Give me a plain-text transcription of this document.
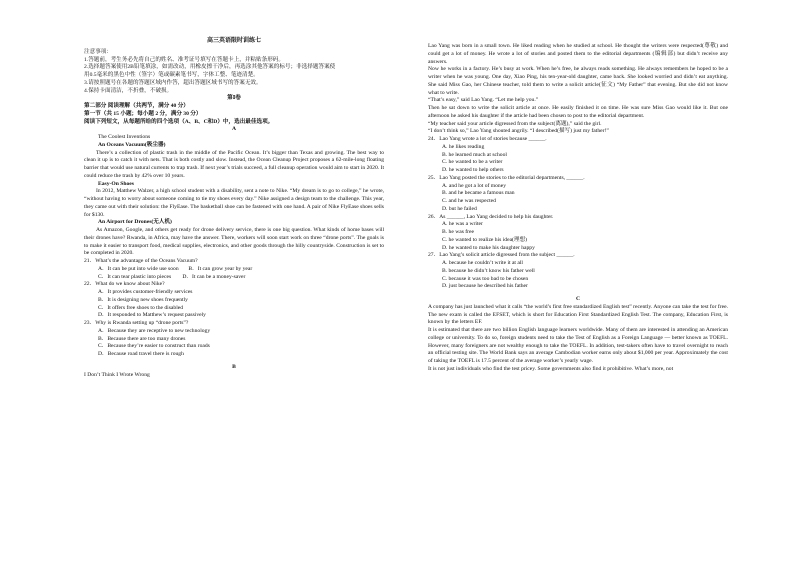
高三英语限时训练七
注意事项：
1.答题前，考生务必先将自己的姓名、准考证号填写在答题卡上，并粘贴条形码。
2.选择题答案使用2B铅笔填涂，如需改动，用橡皮擦干净后，再选涂其他答案的标号；非选择题答案使
用0.5毫米的黑色中性（签字）笔或碳素笔书写，字体工整、笔迹清楚。
3.请按照题号在各题的答题区域内作答，超出答题区域书写的答案无效。
4.保持卡面清洁，不折叠，不破损。
第Ⅰ卷
第二部分 阅读理解（共两节，满分 40 分）
第一节（共 15 小题；每小题 2 分，满分 30 分）
阅读下列短文，从每题所给的四个选项（A、B、C和D）中，选出最佳选项。
A
The Coolest Inventions
An Oceans Vacuum(吸尘器)

There’s a collection of plastic trash in the middle of the Pacific Ocean. It’s bigger than Texas and growing. The best way to clean it up is to catch it with nets. That is both costly and slow. Instead, the Ocean Cleanup Project proposes a 62-mile-long floating barrier that would use natural currents to trap trash. If next year’s trials succeed, a full cleanup operation would aim to start in 2020. It could reduce the trash by 42% over 10 years.

Easy-On Shoes

In 2012, Matthew Walzer, a high school student with a disability, sent a note to Nike. “My dream is to go to college,” he wrote, “without having to worry about someone coming to tie my shoes every day.” Nike assigned a design team to the challenge. This year, they came out with their solution: the FlyEase. The basketball shoe can be fastened with one hand. A pair of Nike FlyEase shoes sells for $130.

An Airport for Drones(无人机)

As Amazon, Google, and others get ready for drone delivery service, there is one big question. What kinds of home bases will their drones have? Rwanda, in Africa, may have the answer. There, workers will soon start work on three “drone ports”. The goals is to make it easier to transport food, medical supplies, electronics, and other goods through the hilly countryside. Construction is set to be completed in 2020.

21．What’s the advantage of the Oceans Vacuum?
A．It can be put into wide use soon       B．It can grow year by year
C．It can tear plastic into pieces        D．It can be a money-saver
22．What do we know about Nike?
A．It provides customer-friendly services
B．It is designing new shoes frequently
C．It offers free shoes to the disabled
D．It responded to Matthew’s request passively
23．Why is Rwanda setting up “drone ports”?
A．Because they are receptive to new technology
B．Because there are too many drones
C．Because they’re easier to construct than roads
D．Because road travel there is rough
B
I Don’t Think I Wrote Wrong

Lao Yang was born in a small town. He liked reading when he studied at school. He thought the writers were respected(尊敬) and could get a lot of money. He wrote a lot of stories and posted them to the editorial departments (编辑部) but didn’t receive any answers.

Now he works in a factory. He’s busy at work. When he’s free, he always reads something. He always remembers he hoped to be a writer when he was young. One day, Xiao Ping, his ten-year-old daughter, came back. She looked worried and didn’t eat anything. She said Miss Gao, her Chinese teacher, told them to write a solicit article(征文) “My Father” that evening. But she did not know what to write.

“That’s easy,” said Lao Yang. “Let me help you.”

Then he sat down to write the solicit article at once. He easily finished it on time. He was sure Miss Gao would like it. But one afternoon he asked his daughter if the article had been chosen to post to the editorial department.

“My teacher said your article digressed from the subject(离题),” said the girl.

“I don’t think so,” Lao Yang shouted angrily. “I described(描写) just my father!”

24．Lao Yang wrote a lot of stories because ______.
A. he likes reading
B. he learned much at school
C. he wanted to be a writer
D. he wanted to help others
25．Lao Yang posted the stories to the editorial departments, ______.
A. and he got a lot of money
B. and he became a famous man
C. and he was respected
D. but he failed
26．As ______, Lao Yang decided to help his daughter.
A. he was a writer
B. he was free
C. he wanted to realize his idea(理想)
D. he wanted to make his daughter happy
27．Lao Yang’s solicit article digressed from the subject ______.
A. because he couldn’t write it at all
B. because he didn’t know his father well
C. because it was too bad to be chosen
D. just because he described his father
C

A company has just launched what it calls “the world’s first free standardized English test” recently. Anyone can take the test for free. The new exam is called the EFSET, which is short for Education First Standardized English Test. The company, Education First, is known by the letters EF.

It is estimated that there are two billion English language learners worldwide. Many of them are interested in attending an American college or university. To do so, foreign students need to take the Test of English as a Foreign Language — better known as TOEFL. However, many foreigners are not wealthy enough to take the TOEFL. In addition, test-takers often have to travel overnight to reach an official testing site. The World Bank says an average Cambodian worker earns only about $1,000 per year. Approximately the cost of taking the TOEFL is 17.5 percent of the average worker’s yearly wage.

It is not just individuals who find the test pricey. Some governments also find it prohibitive. What’s more, not
